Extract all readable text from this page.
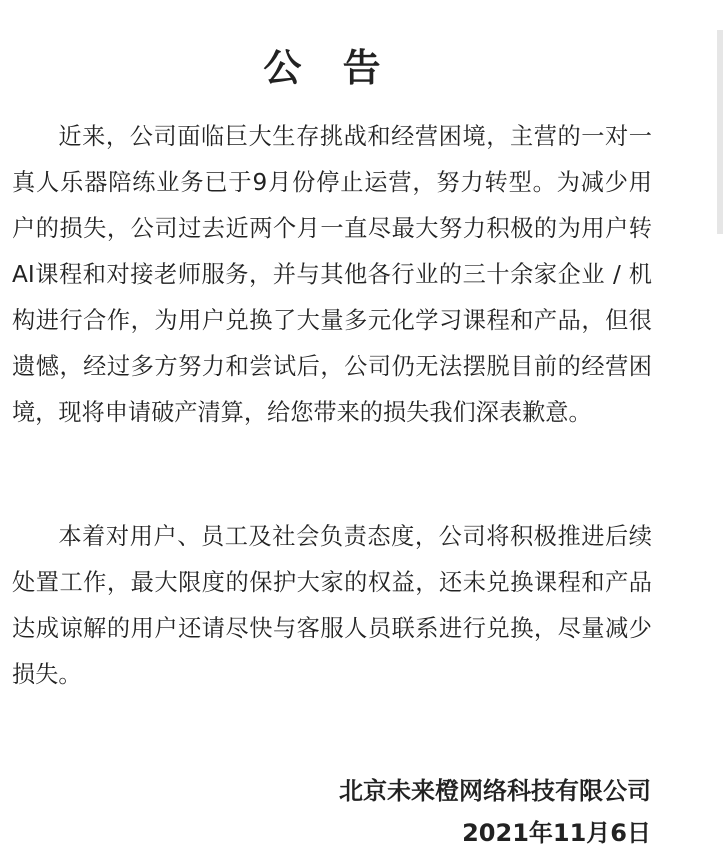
公 告

近来，公司面临巨大生存挑战和经营困境，主营的一对一真人乐器陪练业务已于9月份停止运营，努力转型。为减少用户的损失，公司过去近两个月一直尽最大努力积极的为用户转AI课程和对接老师服务，并与其他各行业的三十余家企业 / 机构进行合作，为用户兑换了大量多元化学习课程和产品，但很遗憾，经过多方努力和尝试后，公司仍无法摆脱目前的经营困境，现将申请破产清算，给您带来的损失我们深表歉意。

本着对用户、员工及社会负责态度，公司将积极推进后续处置工作，最大限度的保护大家的权益，还未兑换课程和产品达成谅解的用户还请尽快与客服人员联系进行兑换，尽量减少损失。

北京未来橙网络科技有限公司
2021年11月6日
